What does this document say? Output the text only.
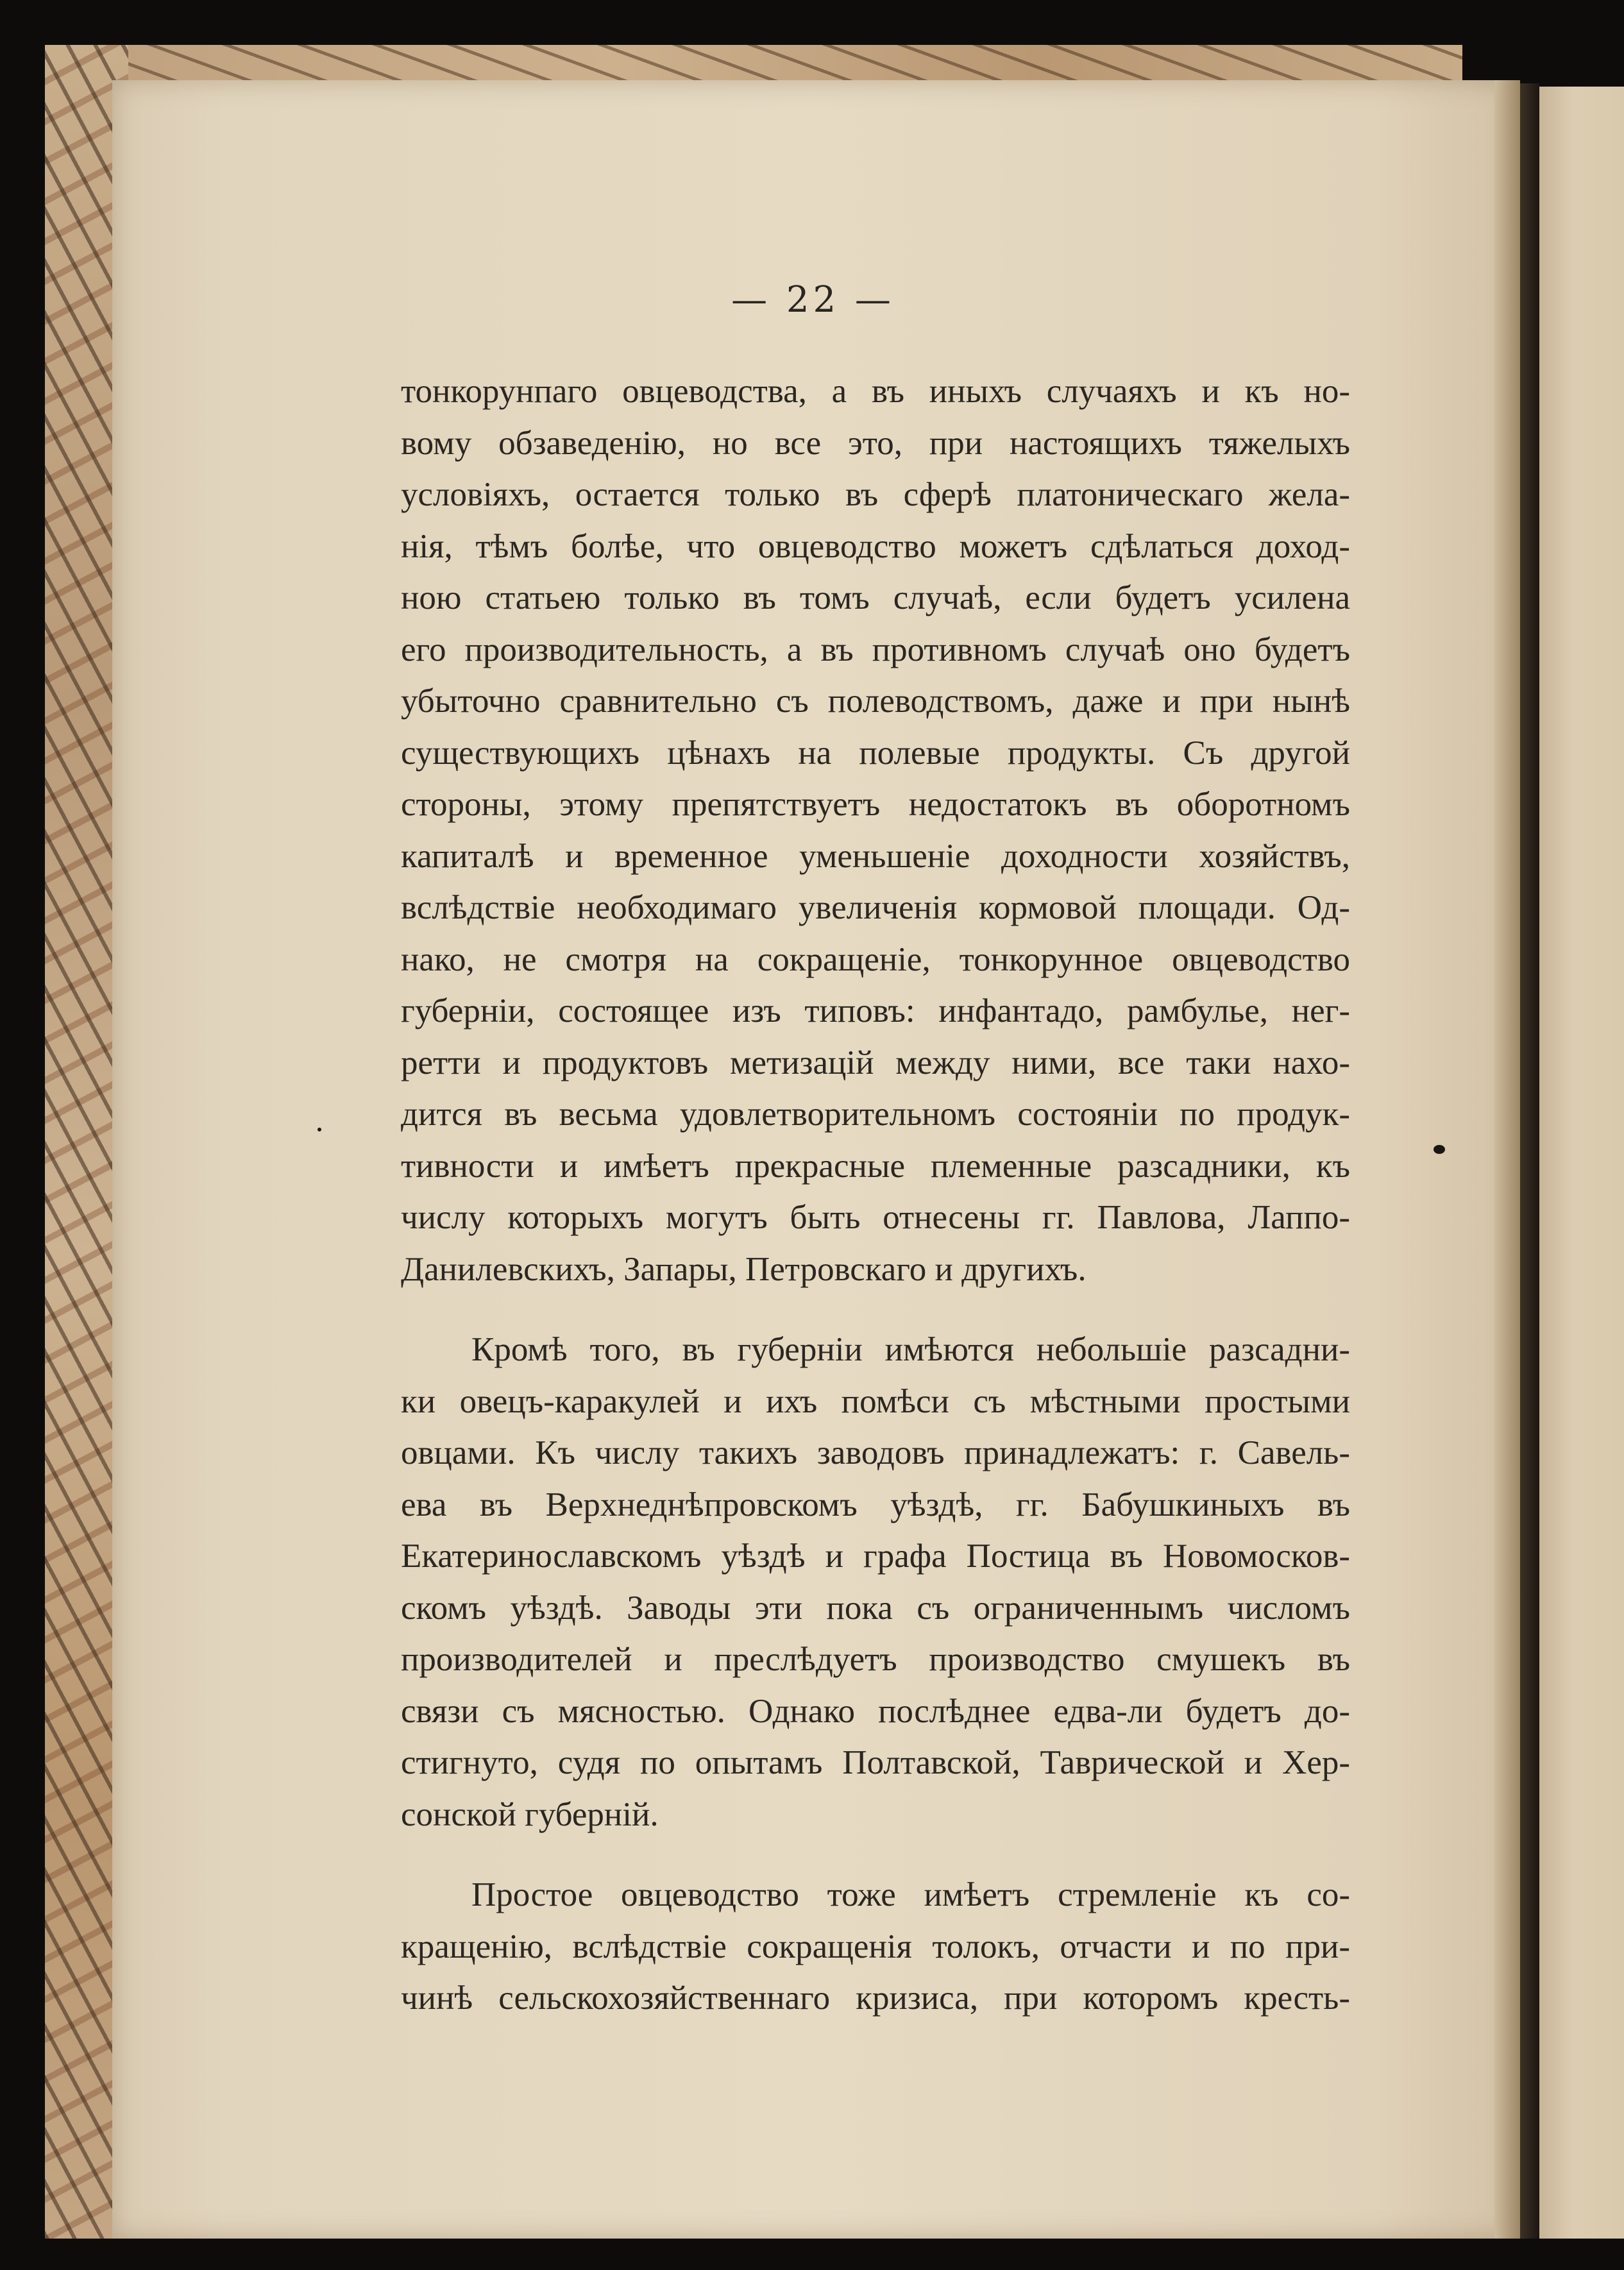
— 22 —
тонкорунпаго овцеводства, а въ иныхъ случаяхъ и къ но-
вому обзаведенію, но все это, при настоящихъ тяжелыхъ
условіяхъ, остается только въ сферѣ платоническаго жела-
нія, тѣмъ болѣе, что овцеводство можетъ сдѣлаться доход-
ною статьею только въ томъ случаѣ, если будетъ усилена
его производительность, а въ противномъ случаѣ оно будетъ
убыточно сравнительно съ полеводствомъ, даже и при нынѣ
существующихъ цѣнахъ на полевые продукты. Съ другой
стороны, этому препятствуетъ недостатокъ въ оборотномъ
капиталѣ и временное уменьшеніе доходности хозяйствъ,
вслѣдствіе необходимаго увеличенія кормовой площади. Од-
нако, не смотря на сокращеніе, тонкорунное овцеводство
губерніи, состоящее изъ типовъ: инфантадо, рамбулье, нег-
ретти и продуктовъ метизацій между ними, все таки нахо-
дится въ весьма удовлетворительномъ состояніи по продук-
тивности и имѣетъ прекрасные племенные разсадники, къ
числу которыхъ могутъ быть отнесены гг. Павлова, Лаппо-
Данилевскихъ, Запары, Петровскаго и другихъ.
Кромѣ того, въ губерніи имѣются небольшіе разсадни-
ки овецъ-каракулей и ихъ помѣси съ мѣстными простыми
овцами. Къ числу такихъ заводовъ принадлежатъ: г. Савель-
ева въ Верхнеднѣпровскомъ уѣздѣ, гг. Бабушкиныхъ въ
Екатеринославскомъ уѣздѣ и графа Постица въ Новомосков-
скомъ уѣздѣ. Заводы эти пока съ ограниченнымъ числомъ
производителей и преслѣдуетъ производство смушекъ въ
связи съ мясностью. Однако послѣднее едва-ли будетъ до-
стигнуто, судя по опытамъ Полтавской, Таврической и Хер-
сонской губерній.
Простое овцеводство тоже имѣетъ стремленіе къ со-
кращенію, вслѣдствіе сокращенія толокъ, отчасти и по при-
чинѣ сельскохозяйственнаго кризиса, при которомъ кресть-
